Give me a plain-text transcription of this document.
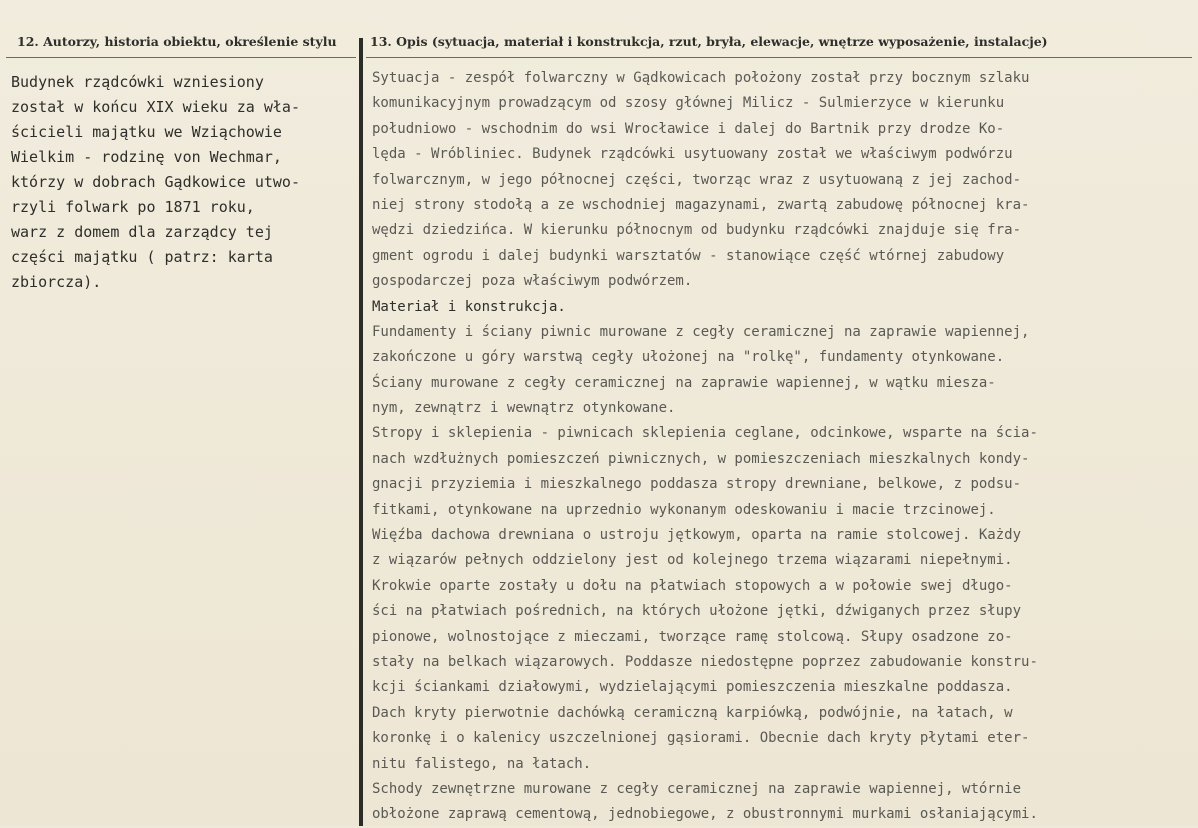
12. Autorzy, historia obiektu, określenie stylu	13. Opis (sytuacja, materiał i konstrukcja, rzut, bryła, elewacje, wnętrze wyposażenie, instalacje)
Budynek rządcówki wzniesiony
został w końcu XIX wieku za wła-
ścicieli majątku we Wziąchowie
Wielkim - rodzinę von Wechmar,
którzy w dobrach Gądkowice utwo-
rzyli folwark po 1871 roku,
warz z domem dla zarządcy tej
części majątku ( patrz: karta
zbiorcza).
Sytuacja - zespół folwarczny w Gądkowicach położony został przy bocznym szlaku
komunikacyjnym prowadzącym od szosy głównej Milicz - Sulmierzyce w kierunku
południowo - wschodnim do wsi Wrocławice i dalej do Bartnik przy drodze Ko-
lęda - Wróbliniec. Budynek rządcówki usytuowany został we właściwym podwórzu
folwarcznym, w jego północnej części, tworząc wraz z usytuowaną z jej zachod-
niej strony stodołą a ze wschodniej magazynami, zwartą zabudowę północnej kra-
wędzi dziedzińca. W kierunku północnym od budynku rządcówki znajduje się fra-
gment ogrodu i dalej budynki warsztatów - stanowiące część wtórnej zabudowy
gospodarczej poza właściwym podwórzem.
Materiał i konstrukcja.
Fundamenty i ściany piwnic murowane z cegły ceramicznej na zaprawie wapiennej,
zakończone u góry warstwą cegły ułożonej na "rolkę", fundamenty otynkowane.
Ściany murowane z cegły ceramicznej na zaprawie wapiennej, w wątku miesza-
nym, zewnątrz i wewnątrz otynkowane.
Stropy i sklepienia - piwnicach sklepienia ceglane, odcinkowe, wsparte na ścia-
nach wzdłużnych pomieszczeń piwnicznych, w pomieszczeniach mieszkalnych kondy-
gnacji przyziemia i mieszkalnego poddasza stropy drewniane, belkowe, z podsu-
fitkami, otynkowane na uprzednio wykonanym odeskowaniu i macie trzcinowej.
Więźba dachowa drewniana o ustroju jętkowym, oparta na ramie stolcowej. Każdy
z wiązarów pełnych oddzielony jest od kolejnego trzema wiązarami niepełnymi.
Krokwie oparte zostały u dołu na płatwiach stopowych a w połowie swej długo-
ści na płatwiach pośrednich, na których ułożone jętki, dźwiganych przez słupy
pionowe, wolnostojące z mieczami, tworzące ramę stolcową. Słupy osadzone zo-
stały na belkach wiązarowych. Poddasze niedostępne poprzez zabudowanie konstru-
kcji ściankami działowymi, wydzielającymi pomieszczenia mieszkalne poddasza.
Dach kryty pierwotnie dachówką ceramiczną karpiówką, podwójnie, na łatach, w
koronkę i o kalenicy uszczelnionej gąsiorami. Obecnie dach kryty płytami eter-
nitu falistego, na łatach.
Schody zewnętrzne murowane z cegły ceramicznej na zaprawie wapiennej, wtórnie
obłożone zaprawą cementową, jednobiegowe, z obustronnymi murkami osłaniającymi.
